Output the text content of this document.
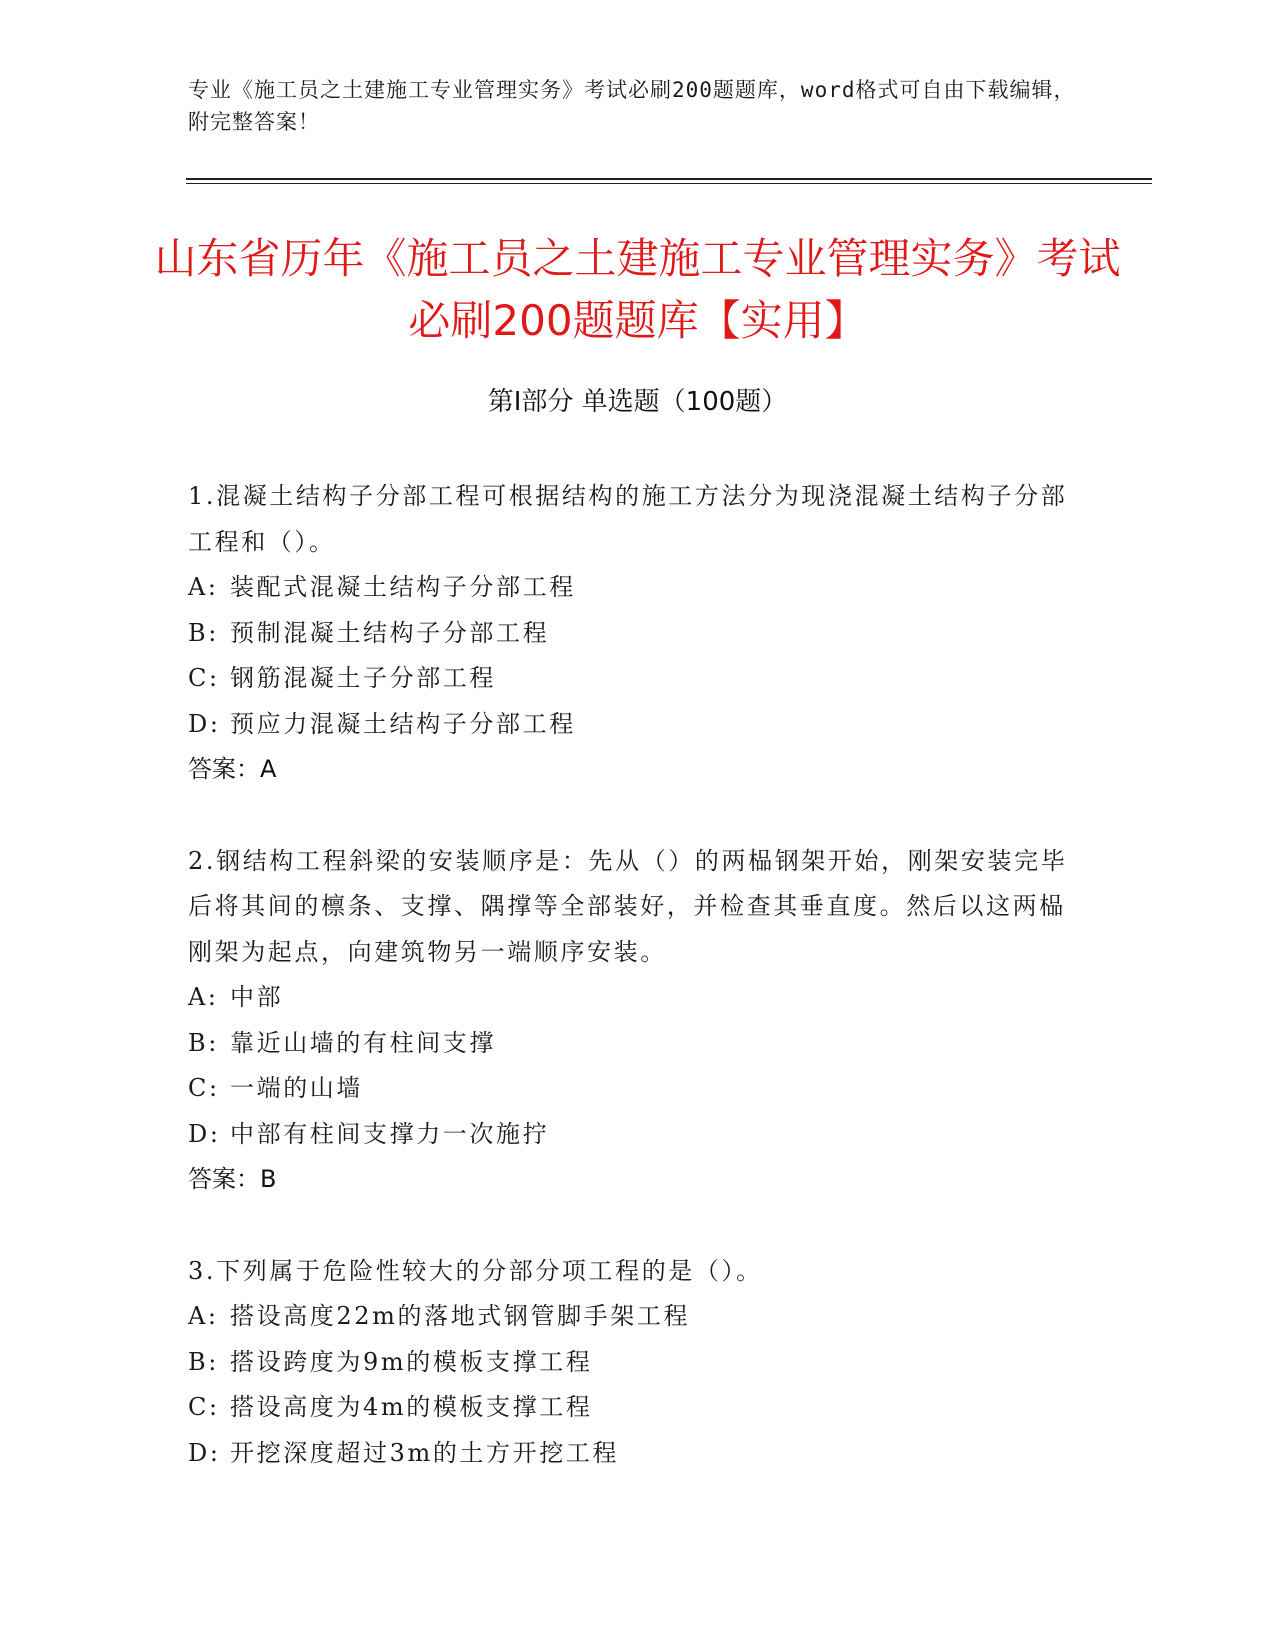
专业《施工员之土建施工专业管理实务》考试必刷200题题库，word格式可自由下载编辑，附完整答案！
山东省历年《施工员之土建施工专业管理实务》考试必刷200题题库【实用】
第Ⅰ部分 单选题（100题）

1.混凝土结构子分部工程可根据结构的施工方法分为现浇混凝土结构子分部工程和（）。

A: 装配式混凝土结构子分部工程

B: 预制混凝土结构子分部工程

C: 钢筋混凝土子分部工程

D: 预应力混凝土结构子分部工程

答案：A

2.钢结构工程斜梁的安装顺序是：先从（）的两榀钢架开始，刚架安装完毕后将其间的檩条、支撑、隅撑等全部装好，并检查其垂直度。然后以这两榀刚架为起点，向建筑物另一端顺序安装。

A: 中部

B: 靠近山墙的有柱间支撑

C: 一端的山墙

D: 中部有柱间支撑力一次施拧

答案：B

3.下列属于危险性较大的分部分项工程的是（）。

A: 搭设高度22m的落地式钢管脚手架工程

B: 搭设跨度为9m的模板支撑工程

C: 搭设高度为4m的模板支撑工程

D: 开挖深度超过3m的土方开挖工程
